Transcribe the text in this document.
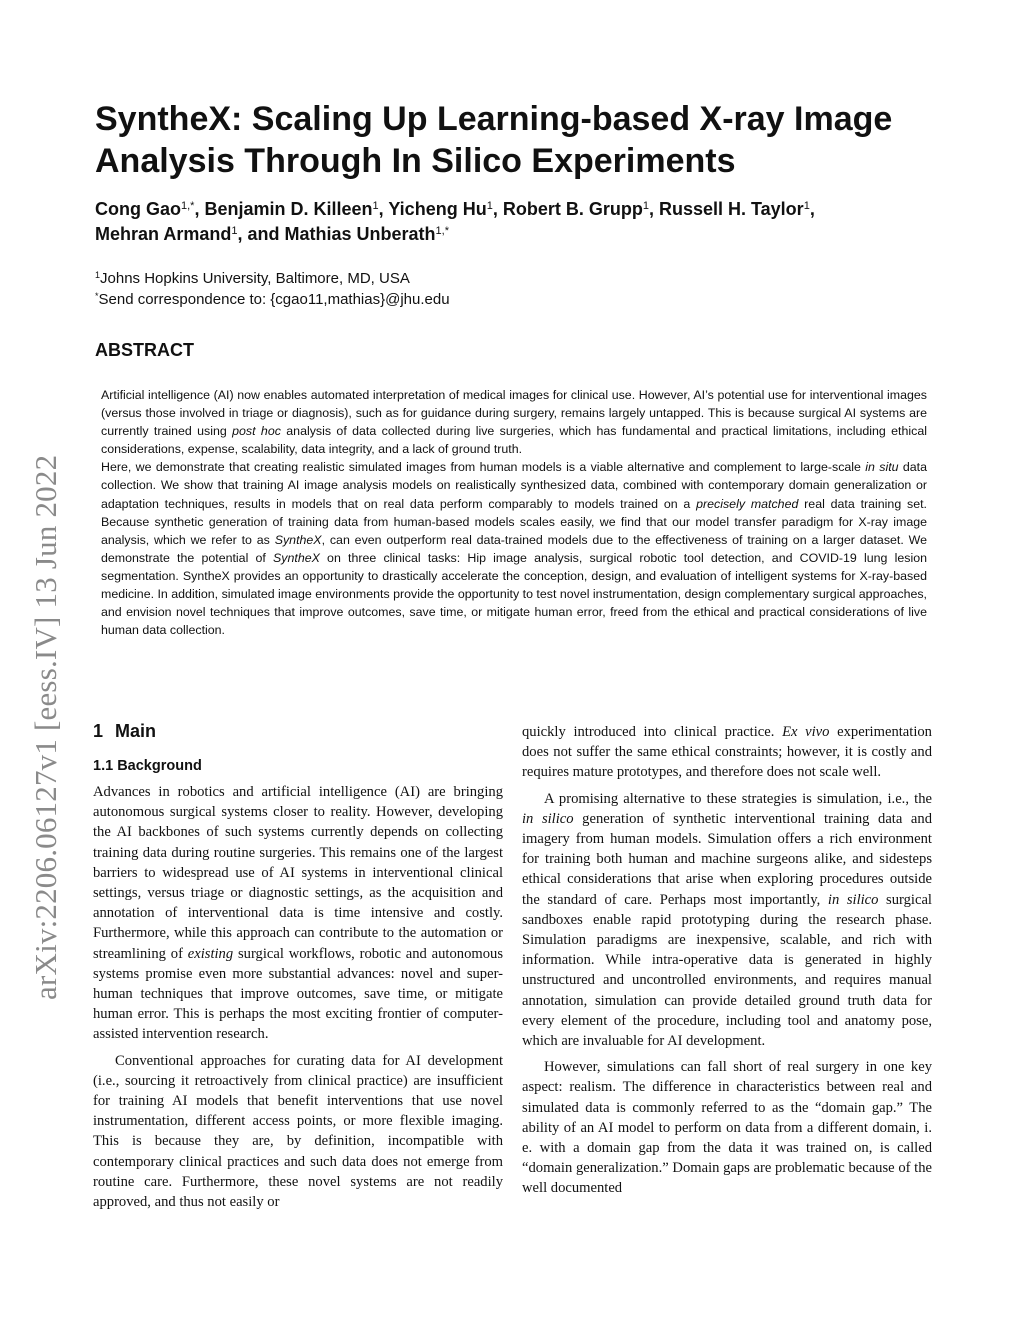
arXiv:2206.06127v1 [eess.IV] 13 Jun 2022
SyntheX: Scaling Up Learning-based X-ray Image
Analysis Through In Silico Experiments
Cong Gao$^{1,*}$, Benjamin D. Killeen$^1$, Yicheng Hu$^1$, Robert B. Grupp$^1$, Russell H. Taylor$^1$,
Mehran Armand$^1$, and Mathias Unberath$^{1,*}$
$^1$Johns Hopkins University, Baltimore, MD, USA
*Send correspondence to: {cgao11,mathias}@jhu.edu
ABSTRACT

Artificial intelligence (AI) now enables automated interpretation of medical images for clinical use. However, AI’s potential use for interventional images (versus those involved in triage or diagnosis), such as for guidance during surgery, remains largely untapped. This is because surgical AI systems are currently trained using post hoc analysis of data collected during live surgeries, which has fundamental and practical limitations, including ethical considerations, expense, scalability, data integrity, and a lack of ground truth.

Here, we demonstrate that creating realistic simulated images from human models is a viable alternative and complement to large-scale in situ data collection. We show that training AI image analysis models on realistically synthesized data, combined with contemporary domain generalization or adaptation techniques, results in models that on real data perform comparably to models trained on a precisely matched real data training set. Because synthetic generation of training data from human-based models scales easily, we find that our model transfer paradigm for X-ray image analysis, which we refer to as SyntheX, can even outperform real data-trained models due to the effectiveness of training on a larger dataset. We demonstrate the potential of SyntheX on three clinical tasks: Hip image analysis, surgical robotic tool detection, and COVID-19 lung lesion segmentation. SyntheX provides an opportunity to drastically accelerate the conception, design, and evaluation of intelligent systems for X-ray-based medicine. In addition, simulated image environments provide the opportunity to test novel instrumentation, design complementary surgical approaches, and envision novel techniques that improve outcomes, save time, or mitigate human error, freed from the ethical and practical considerations of live human data collection.

1 Main
1.1 Background

Advances in robotics and artificial intelligence (AI) are bringing autonomous surgical systems closer to reality. However, developing the AI backbones of such systems currently depends on collecting training data during routine surgeries. This remains one of the largest barriers to widespread use of AI systems in interventional clinical settings, versus triage or diagnostic settings, as the acquisition and annotation of interventional data is time intensive and costly. Furthermore, while this approach can contribute to the automation or streamlining of existing surgical workflows, robotic and autonomous systems promise even more substantial advances: novel and super-human techniques that improve outcomes, save time, or mitigate human error. This is perhaps the most exciting frontier of computer-assisted intervention research.

Conventional approaches for curating data for AI development (i.e., sourcing it retroactively from clinical practice) are insufficient for training AI models that benefit interventions that use novel instrumentation, different access points, or more flexible imaging. This is because they are, by definition, incompatible with contemporary clinical practices and such data does not emerge from routine care. Furthermore, these novel systems are not readily approved, and thus not easily or

quickly introduced into clinical practice. Ex vivo experimentation does not suffer the same ethical constraints; however, it is costly and requires mature prototypes, and therefore does not scale well.

A promising alternative to these strategies is simulation, i.e., the in silico generation of synthetic interventional training data and imagery from human models. Simulation offers a rich environment for training both human and machine surgeons alike, and sidesteps ethical considerations that arise when exploring procedures outside the standard of care. Perhaps most importantly, in silico surgical sandboxes enable rapid prototyping during the research phase. Simulation paradigms are inexpensive, scalable, and rich with information. While intra-operative data is generated in highly unstructured and uncontrolled environments, and requires manual annotation, simulation can provide detailed ground truth data for every element of the procedure, including tool and anatomy pose, which are invaluable for AI development.

However, simulations can fall short of real surgery in one key aspect: realism. The difference in characteristics between real and simulated data is commonly referred to as the “domain gap.” The ability of an AI model to perform on data from a different domain, i. e. with a domain gap from the data it was trained on, is called “domain generalization.” Domain gaps are problematic because of the well documented
